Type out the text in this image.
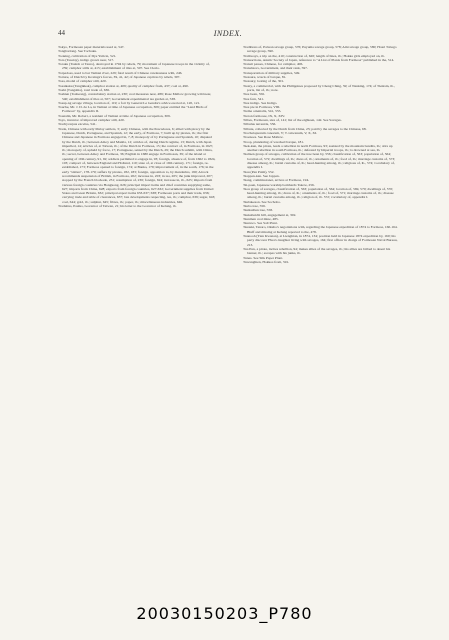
44	INDEX.

Tokyo, Formosan paper materials used at, 547.

Tongbarlong. See Tochoku.

Tooking, cultivation of Dye Yam in, 521.

Tora (Tasaiay), indigo grown near, 517.

Toroku (Tauloh or Tauro), destroyed in 1794 by rebels, 79; movement of Japanese troops in the vicinity of, 259; camphor stills at, 415; establishment of tiles at, 507. See Clerio.

Torpedoes, used to bar Tamsui river, 229; fatal result of Chinese carelessness with, 246.

Torture, of Dutch by Koxinga's forces, 39, 41, 42; of Japanese captives by rebels, 307.

Tosa, model of camphor still, 420.

Tosaikaku (Tangikkak), camphor station at, 409; quality of camphor from, 437; coal at, 490.

Toshi (Tongshia), total trade of, 636.

Toshien (Tosheong), constabulary station at, 230; coal measures near, 489; Rose Mallow growing wild near, 540; establishment of tiles at, 507; Government experimental tea garden at, 538.

Tosup-ng savage village, location of, 119; a fort by General Le Gendre's advice erected at, 120, 121.

Touche, Mr. J. D. de La, in Tamsui at time of Japanese occupation, 309; paper entitled the "Land Birds of Formosa" by, appendix II.

Touzalin, Mr. Robert, a resident of Tamsui at time of Japanese occupation, 309.

Toyo, inventor of improved camphor still, 420.

Trachycarpus excelsa, 541.

Trade, Chinese with early Malay settlers, 3; early Chinese, with the Pescadores, 6; allied with piracy by the Japanese, Dutch, Portuguese, and Spanish, 12; the early, of Formosa, 7; built up by pirates, ib.; the first Chinese and Japanese in Formosa engaged in, 7, 8; monopoly of by Portuguese and Spanish, 10; disputed by the Dutch, ib.; between Amoy and Manila, 12; articles of, during Dutch regime, 13; Dutch, with Japan imperiled, 14; articles of, at Taiwan, ib.; of the Dutch in Formosa, 15; the contract of, in Formosa, in 1627, ib.; monopoly of, upheld by force, 17; Portuguese, seized by the Dutch, 29; the Dutch submit, with China, ib.; secret, between Amoy and Formosa, 36; English in 1680 engage in Formosan, 39; of the island at opening of 19th century, 91, 92; soldiers permitted to engage in, 93; foreign, absence of, from 1662 to 1824, 103; compact of, between England and Holland, 110; state of, at close of 19th century, 171; foreign, re-established, 173; Formosa opened to foreign, 174; at Banka, 179; improvement of, in the south, 176; in the early "sixties", 178-179; suffers by pirates, 182, 183; foreign, opposition to, by mandarins, 190; Alcock recommends suspension of British, in Formosa, 202; increase in, 203; in tea, 205; the junk improved, 207; stopped by the French blockade, 231; resumption of, 236; foreign, 624; increase in, ib., 625; imports from various foreign countries via Hongkong, 626; principal import items and chief countries supplying same, 627; imports from China, 628; exports from foreign countries, 627-632; Government supplies from United States and Great Britain, 632; principal export items 633-637; 638; Formosan ports and their trade, 636; carrying trade and table of clearances, 637; late developments respecting, tea, ib.; camphor, 639; sugar, 643; coal, 644; gold, ib.; sulphur, 645; fibres, ib.; paper, ib.; miscellaneous industries, 646.

Traduitus, Paulus, Governor of Taiwan, 21; his letter to the Governor of Kelung, ib.

Traditions of, Paiwan savage group, 576; Puyuma savage group, 578; Ami savage group, 580; Hotel Tobago savage group, 590.

Tramways, a trip on the, 410; construction of, 620; length of lines, ib.; Hokka girls employed on, ib.

Transactions, Asiatic Society of Japan, reference to "A List of Plants from Formosa" published in the, 514.

Transit passes, Chinese, for camphor, 406.

Translators, Government, and their rank, 597.

Transportation of military supplies, 549.

Treasure, wreck of barque, 81.

Treasury, looting of the, 301.

Treaty, a commercial, with the Philippines proposed by Cheng Ching, 59; of Nanking, 174; of Tientsin, ib., ports, list of, ib.; note.

Tree bean, 556.

Tree fern, 541.

Tree indigo. See Indigo.

Tree pie in Formosa, VIII.

Trema orientalis, 541, 555.

Treron formosae, IX, X, XIV.

Tribes, Formosan, size of, 141; list of the eighteen, 142. See Savages.

Tribulus terrestris, 556.

Tribute, collected by the Dutch from China, 23; paid by the savages to the Chinese, 68.

Trochalopterum canorum, V; T. taiwanum, V, X, XI.

Troenoes. See Rose Mallow.

Troop, plundering of wrecked barque, 181.

Tsek-kun, the pirate, leads a rebellion in north Formosa, 93; assisted by the mountain bandits, ib.; stirs up another rebellion in south Formosa, ib.; defeated by Imperial troops, ib.; is drowned at sea, ib.

Tsalisen group of savages, cultivation of the tree bean by, 556; classification of, 563; population of, 564; location of, 572; dwellings of, ib.; dress of, ib.; ornaments of, ib.; food of, ib.; marriage customs of, 573; disease among, ib.; burial customs of, ib.; head-hunting among, ib.; religious of, ib., 574; vocabulary of, appendix I.

Tsau (Pan Palm), 552.

Tsappan-kan. See Jappan.

Tsang, commissioner, arrives at Formosa, 194.

Tsi-paen, Japanese warship bombards Takow, 256.

Tsou group of savages, classification of, 563; population of, 564; location of, 569, 570; dwellings of, 570; head-hunting among, ib.; dress of, ib.; ornaments of, ib.; food of, 571; marriage customs of, ib.; disease among, ib.; burial customs among, ib.; religion of, ib. 572; vocabulary of, appendix I.

Tsubakeson. See Sochobo.

Tsubo tree, 556.

Tsuikuiban tree, 558.

Tsukubaichi hill, engagement at, 302.

Tsunmen coal mine, 485.

Tsuruwo. See Salt Plant.

Tsusuki, Tanaro, Okubo's negotiations with, regarding the Japanese expedition of 1874 to Formosa, 160-164. Bluff and missing at Kelung reported to the, 478.

Tuanooh (Tien Kwanan), at Lienghian, in 1874, 134; position held in Japanese 1874 expedition by, 160; his party discover Hwa's daughter living with savages, 164; first officer in charge of Formosan Naval Bureau, 213.

Tua Pun, a pirate, incites rebellion, 94; makes allies of the savages, ib.; his allies are bribed to desert his banner, ib.; escapes with his junks, ib.

Tunes. See Silk Paper Plant.

Tuwanghten, Hokkos from, 591.

20030150203_P780
